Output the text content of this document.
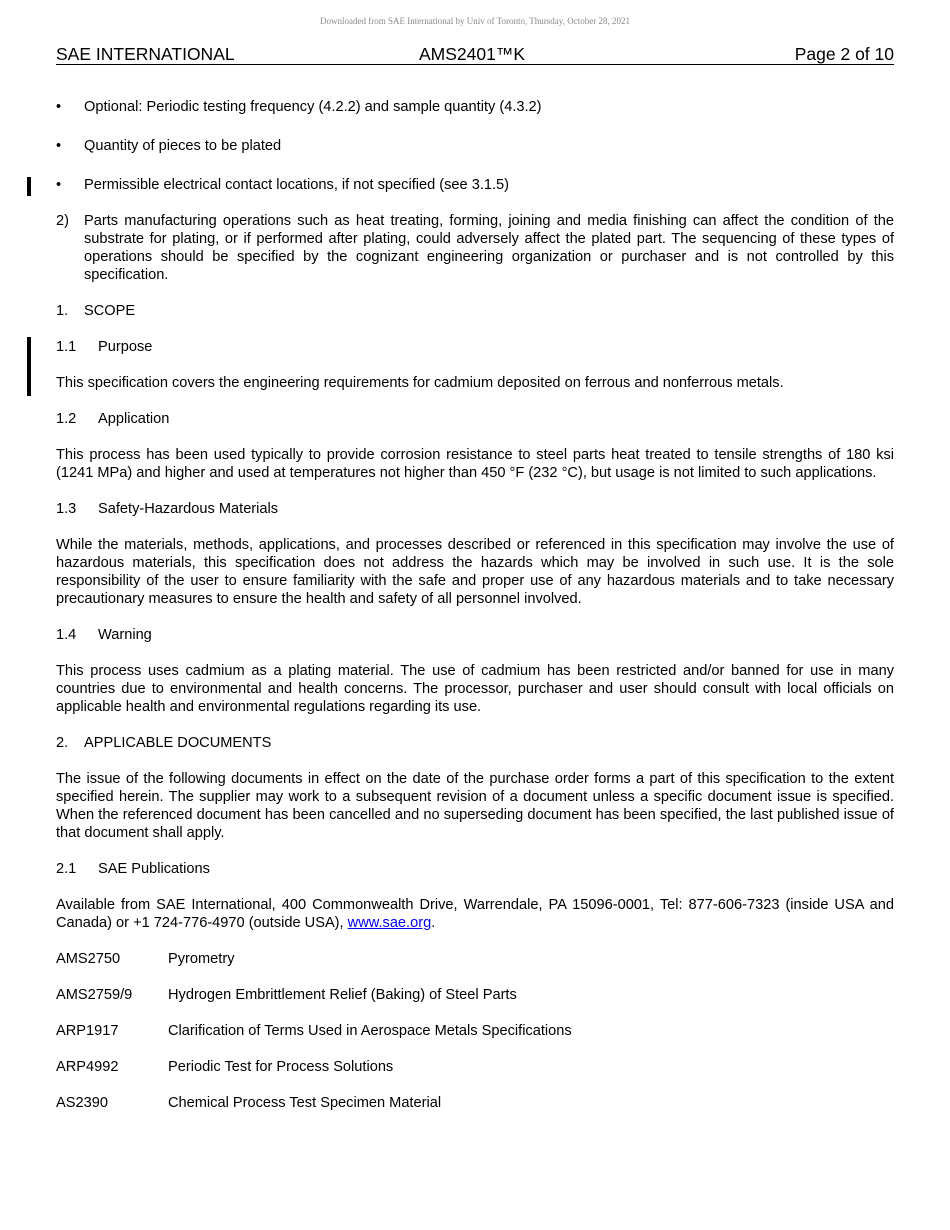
Downloaded from SAE International by Univ of Toronto, Thursday, October 28, 2021
SAE INTERNATIONAL	AMS2401™K	Page 2 of 10
• Optional: Periodic testing frequency (4.2.2) and sample quantity (4.3.2)
• Quantity of pieces to be plated
• Permissible electrical contact locations, if not specified (see 3.1.5)
2) Parts manufacturing operations such as heat treating, forming, joining and media finishing can affect the condition of the substrate for plating, or if performed after plating, could adversely affect the plated part. The sequencing of these types of operations should be specified by the cognizant engineering organization or purchaser and is not controlled by this specification.

1. SCOPE

1.1 Purpose

This specification covers the engineering requirements for cadmium deposited on ferrous and nonferrous metals.

1.2 Application

This process has been used typically to provide corrosion resistance to steel parts heat treated to tensile strengths of 180 ksi (1241 MPa) and higher and used at temperatures not higher than 450 °F (232 °C), but usage is not limited to such applications.

1.3 Safety-Hazardous Materials

While the materials, methods, applications, and processes described or referenced in this specification may involve the use of hazardous materials, this specification does not address the hazards which may be involved in such use. It is the sole responsibility of the user to ensure familiarity with the safe and proper use of any hazardous materials and to take necessary precautionary measures to ensure the health and safety of all personnel involved.

1.4 Warning

This process uses cadmium as a plating material. The use of cadmium has been restricted and/or banned for use in many countries due to environmental and health concerns. The processor, purchaser and user should consult with local officials on applicable health and environmental regulations regarding its use.

2. APPLICABLE DOCUMENTS

The issue of the following documents in effect on the date of the purchase order forms a part of this specification to the extent specified herein. The supplier may work to a subsequent revision of a document unless a specific document issue is specified. When the referenced document has been cancelled and no superseding document has been specified, the last published issue of that document shall apply.

2.1 SAE Publications

Available from SAE International, 400 Commonwealth Drive, Warrendale, PA 15096-0001, Tel: 877-606-7323 (inside USA and Canada) or +1 724-776-4970 (outside USA), www.sae.org.

AMS2750	Pyrometry

AMS2759/9 Hydrogen Embrittlement Relief (Baking) of Steel Parts

ARP1917	Clarification of Terms Used in Aerospace Metals Specifications

ARP4992	Periodic Test for Process Solutions

AS2390	Chemical Process Test Specimen Material
